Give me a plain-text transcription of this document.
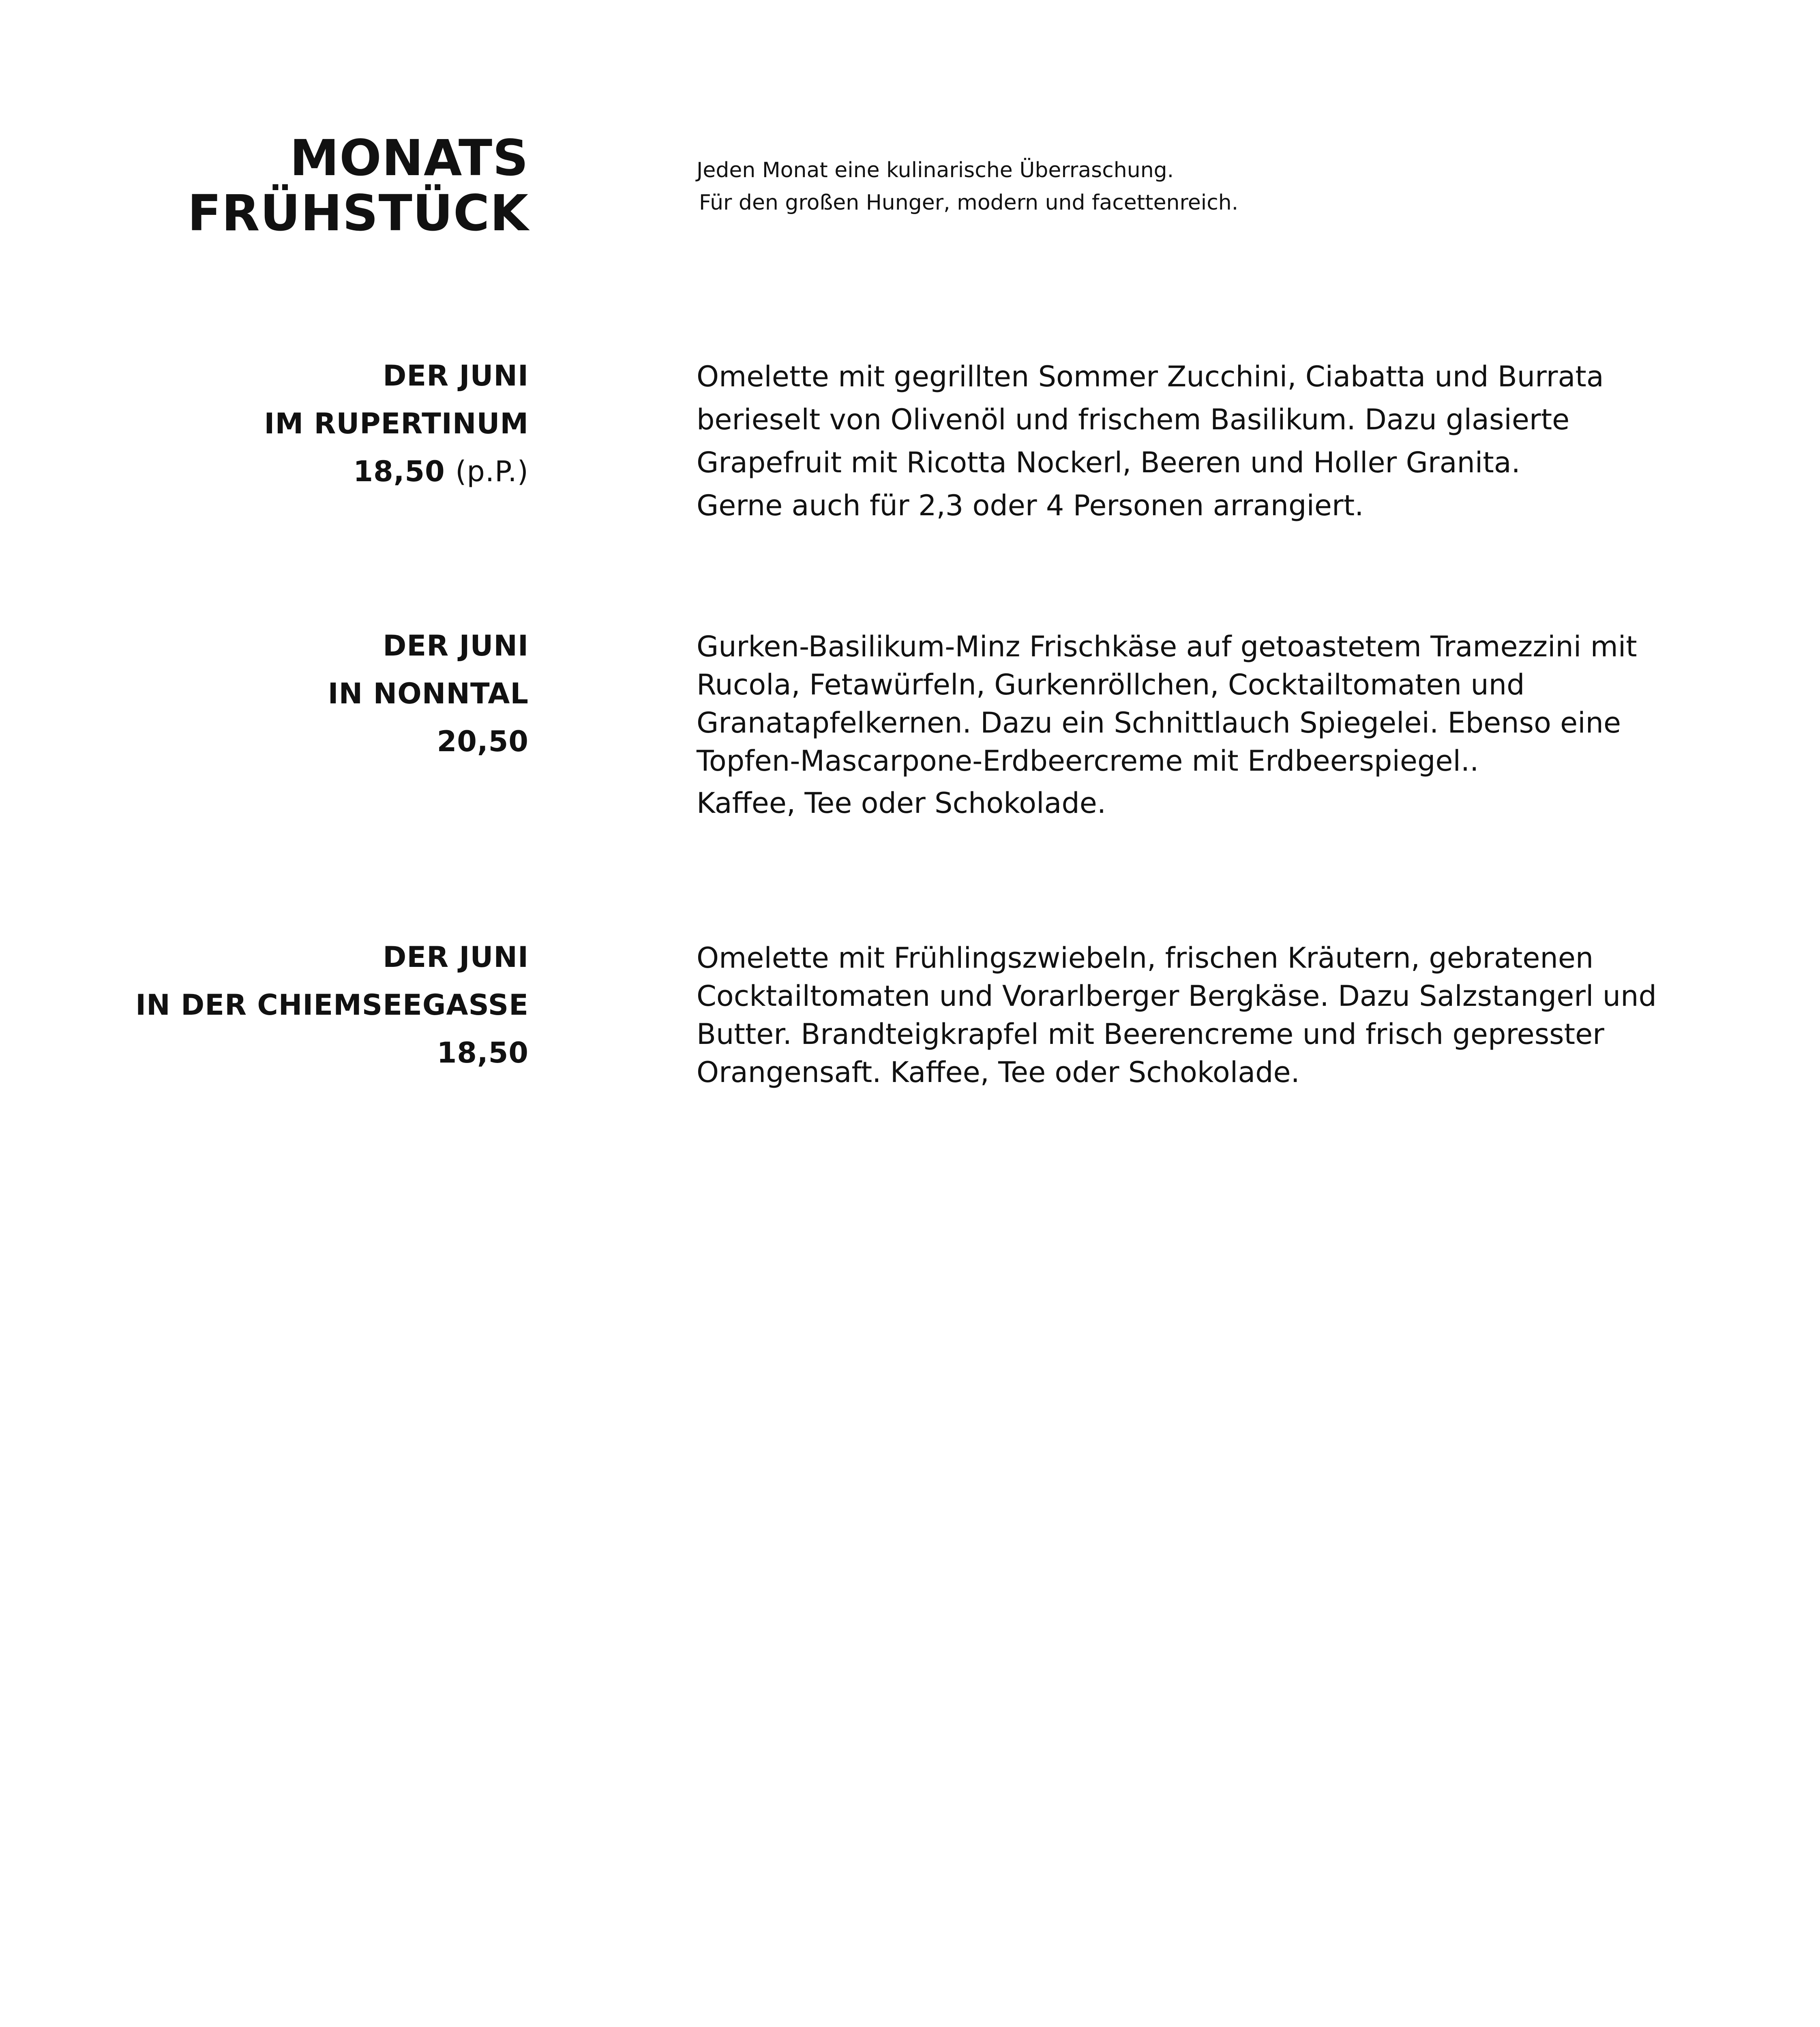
MONATS
FRÜHSTÜCK
Jeden Monat eine kulinarische Überraschung.
Für den großen Hunger, modern und facettenreich.
DER JUNI
IM RUPERTINUM
18,50 (p.P.)
Omelette mit gegrillten Sommer Zucchini, Ciabatta und Burrata
berieselt von Olivenöl und frischem Basilikum. Dazu glasierte
Grapefruit mit Ricotta Nockerl, Beeren und Holler Granita.
Gerne auch für 2,3 oder 4 Personen arrangiert.
DER JUNI
IN NONNTAL
20,50
Gurken-Basilikum-Minz Frischkäse auf getoastetem Tramezzini mit
Rucola, Fetawürfeln, Gurkenröllchen, Cocktailtomaten und
Granatapfelkernen. Dazu ein Schnittlauch Spiegelei. Ebenso eine
Topfen-Mascarpone-Erdbeercreme mit Erdbeerspiegel..
Kaffee, Tee oder Schokolade.
DER JUNI
IN DER CHIEMSEEGASSE
18,50
Omelette mit Frühlingszwiebeln, frischen Kräutern, gebratenen
Cocktailtomaten und Vorarlberger Bergkäse. Dazu Salzstangerl und
Butter. Brandteigkrapfel mit Beerencreme und frisch gepresster
Orangensaft. Kaffee, Tee oder Schokolade.
